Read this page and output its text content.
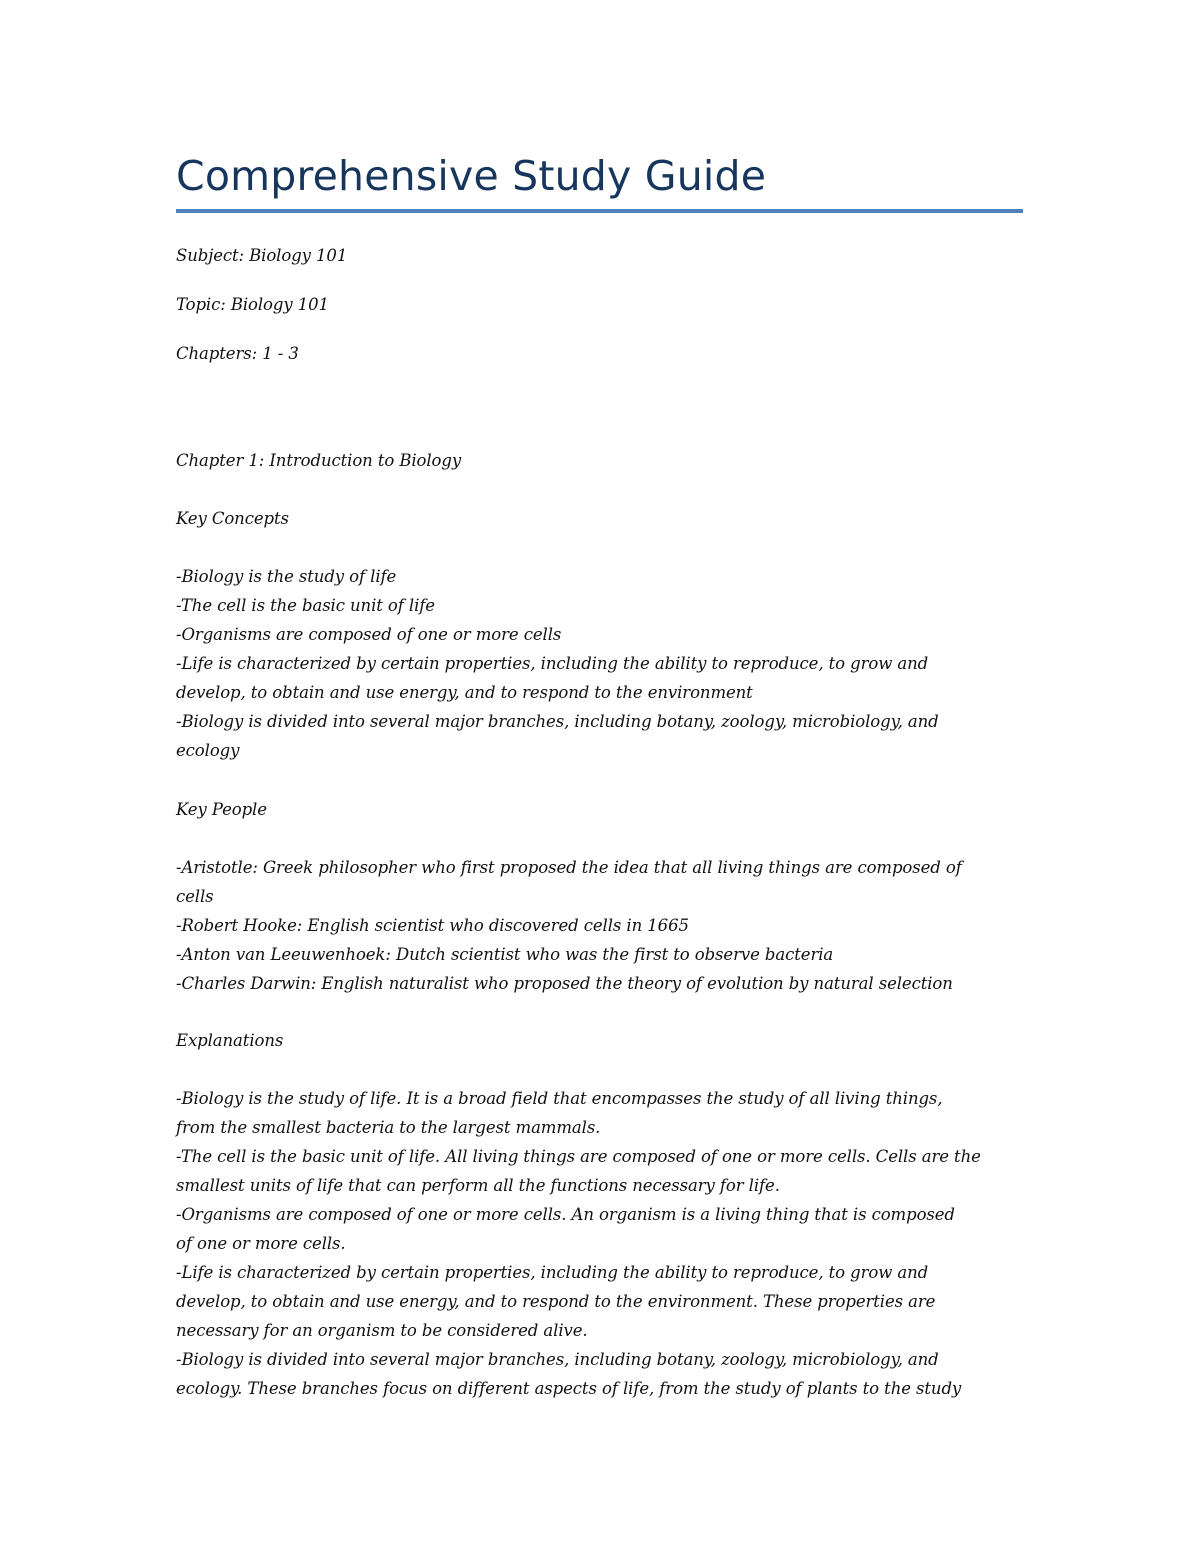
Comprehensive Study Guide
Subject: Biology 101
Topic: Biology 101
Chapters: 1 - 3
Chapter 1: Introduction to Biology
Key Concepts
-Biology is the study of life
-The cell is the basic unit of life
-Organisms are composed of one or more cells
-Life is characterized by certain properties, including the ability to reproduce, to grow and
develop, to obtain and use energy, and to respond to the environment
-Biology is divided into several major branches, including botany, zoology, microbiology, and
ecology
Key People
-Aristotle: Greek philosopher who first proposed the idea that all living things are composed of
cells
-Robert Hooke: English scientist who discovered cells in 1665
-Anton van Leeuwenhoek: Dutch scientist who was the first to observe bacteria
-Charles Darwin: English naturalist who proposed the theory of evolution by natural selection
Explanations
-Biology is the study of life. It is a broad field that encompasses the study of all living things,
from the smallest bacteria to the largest mammals.
-The cell is the basic unit of life. All living things are composed of one or more cells. Cells are the
smallest units of life that can perform all the functions necessary for life.
-Organisms are composed of one or more cells. An organism is a living thing that is composed
of one or more cells.
-Life is characterized by certain properties, including the ability to reproduce, to grow and
develop, to obtain and use energy, and to respond to the environment. These properties are
necessary for an organism to be considered alive.
-Biology is divided into several major branches, including botany, zoology, microbiology, and
ecology. These branches focus on different aspects of life, from the study of plants to the study
